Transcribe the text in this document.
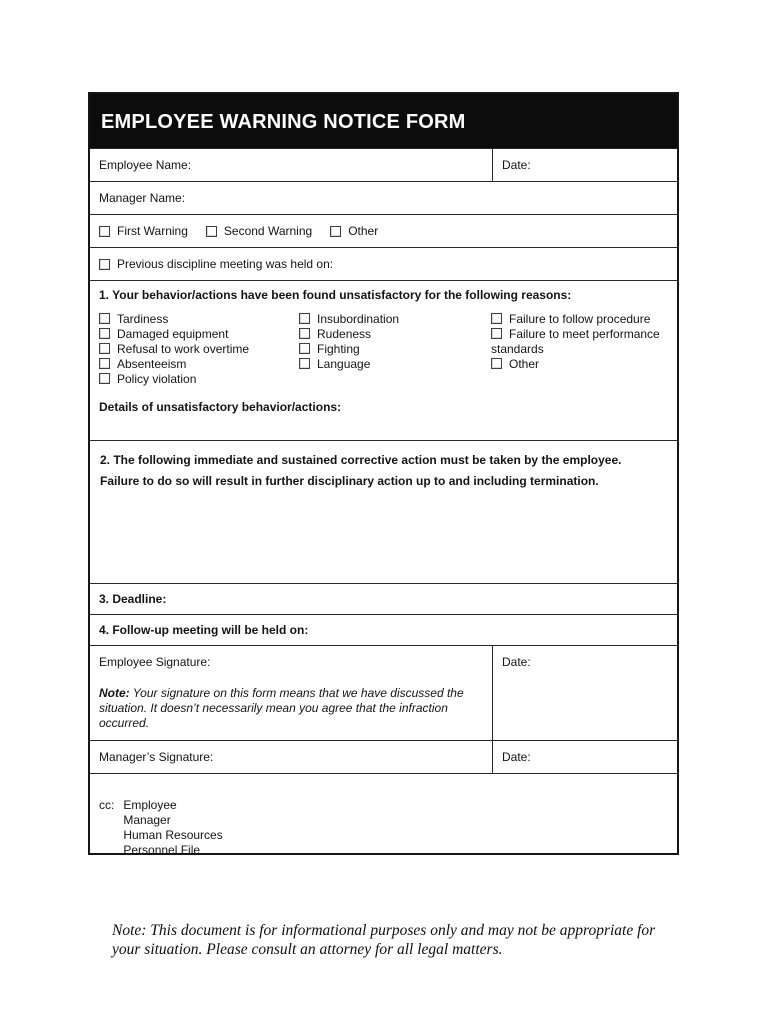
EMPLOYEE WARNING NOTICE FORM
Employee Name:	Date:
Manager Name:
First Warning	Second Warning	Other
Previous discipline meeting was held on:
1. Your behavior/actions have been found unsatisfactory for the following reasons:
Tardiness
Damaged equipment
Refusal to work overtime
Absenteeism
Policy violation
Insubordination
Rudeness
Fighting
Language
Failure to follow procedure
Failure to meet performance standards
Other
Details of unsatisfactory behavior/actions:
2. The following immediate and sustained corrective action must be taken by the employee.
Failure to do so will result in further disciplinary action up to and including termination.
3. Deadline:
4. Follow-up meeting will be held on:
Employee Signature:
Note: Your signature on this form means that we have discussed the situation. It doesn’t necessarily mean you agree that the infraction occurred.
Date:
Manager’s Signature:	Date:
cc: Employee
Manager
Human Resources
Personnel File
Note: This document is for informational purposes only and may not be appropriate for your situation. Please consult an attorney for all legal matters.
